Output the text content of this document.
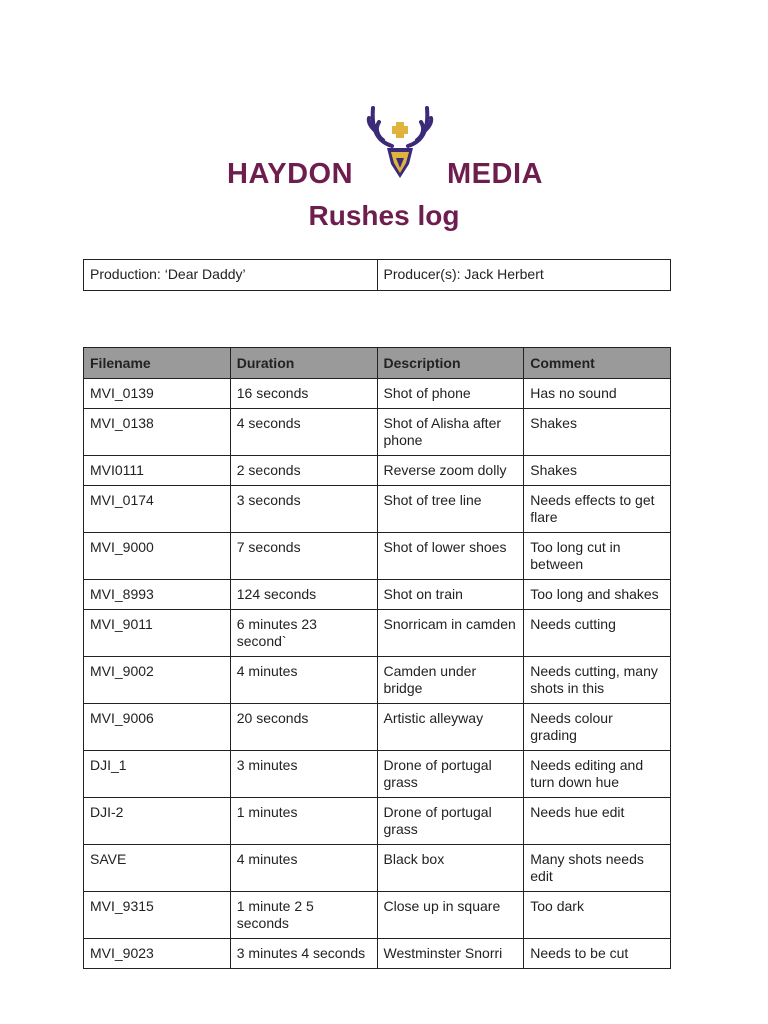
HAYDON	MEDIA
Rushes log
Production: ‘Dear Daddy’	Producer(s): Jack Herbert
Filename	Duration	Description	Comment
MVI_0139	16 seconds	Shot of phone	Has no sound
MVI_0138	4 seconds	Shot of Alisha after phone	Shakes
MVI0111	2 seconds	Reverse zoom dolly	Shakes
MVI_0174	3 seconds	Shot of tree line	Needs effects to get flare
MVI_9000	7 seconds	Shot of lower shoes	Too long cut in between
MVI_8993	124 seconds	Shot on train	Too long and shakes
MVI_9011	6 minutes 23 second`	Snorricam in camden	Needs cutting
MVI_9002	4 minutes	Camden under bridge	Needs cutting, many shots in this
MVI_9006	20 seconds	Artistic alleyway	Needs colour grading
DJI_1	3 minutes	Drone of portugal grass	Needs editing and turn down hue
DJI-2	1 minutes	Drone of portugal grass	Needs hue edit
SAVE	4 minutes	Black box	Many shots needs edit
MVI_9315	1 minute 2 5 seconds	Close up in square	Too dark
MVI_9023	3 minutes 4 seconds	Westminster Snorri	Needs to be cut
